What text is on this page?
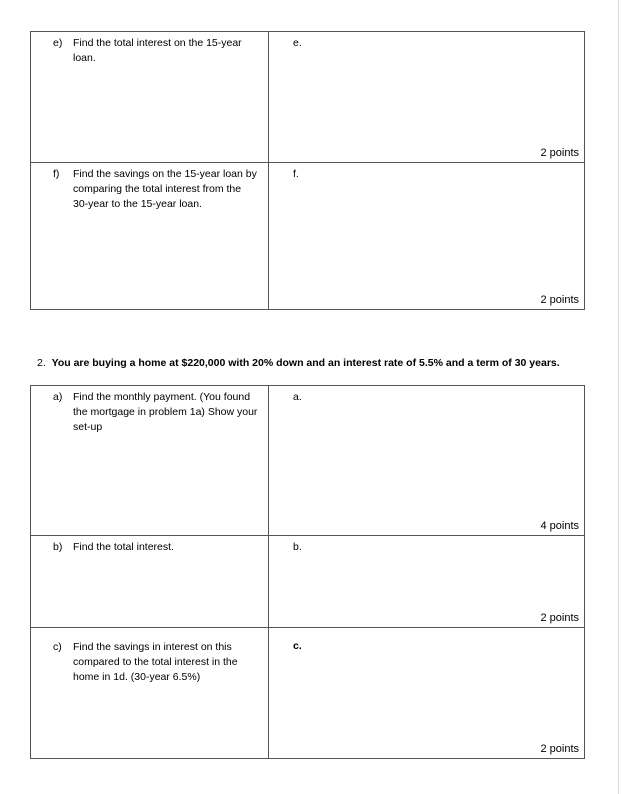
e) Find the total interest on the 15-year loan.	e.
2 points

f) Find the savings on the 15-year loan by comparing the total interest from the 30-year to the 15-year loan.	f.
2 points
2. You are buying a home at $220,000 with 20% down and an interest rate of 5.5% and a term of 30 years.
a) Find the monthly payment. (You found the mortgage in problem 1a) Show your set-up	a.
4 points

b) Find the total interest.	b.
2 points

c) Find the savings in interest on this compared to the total interest in the home in 1d. (30-year 6.5%)	c.
2 points
